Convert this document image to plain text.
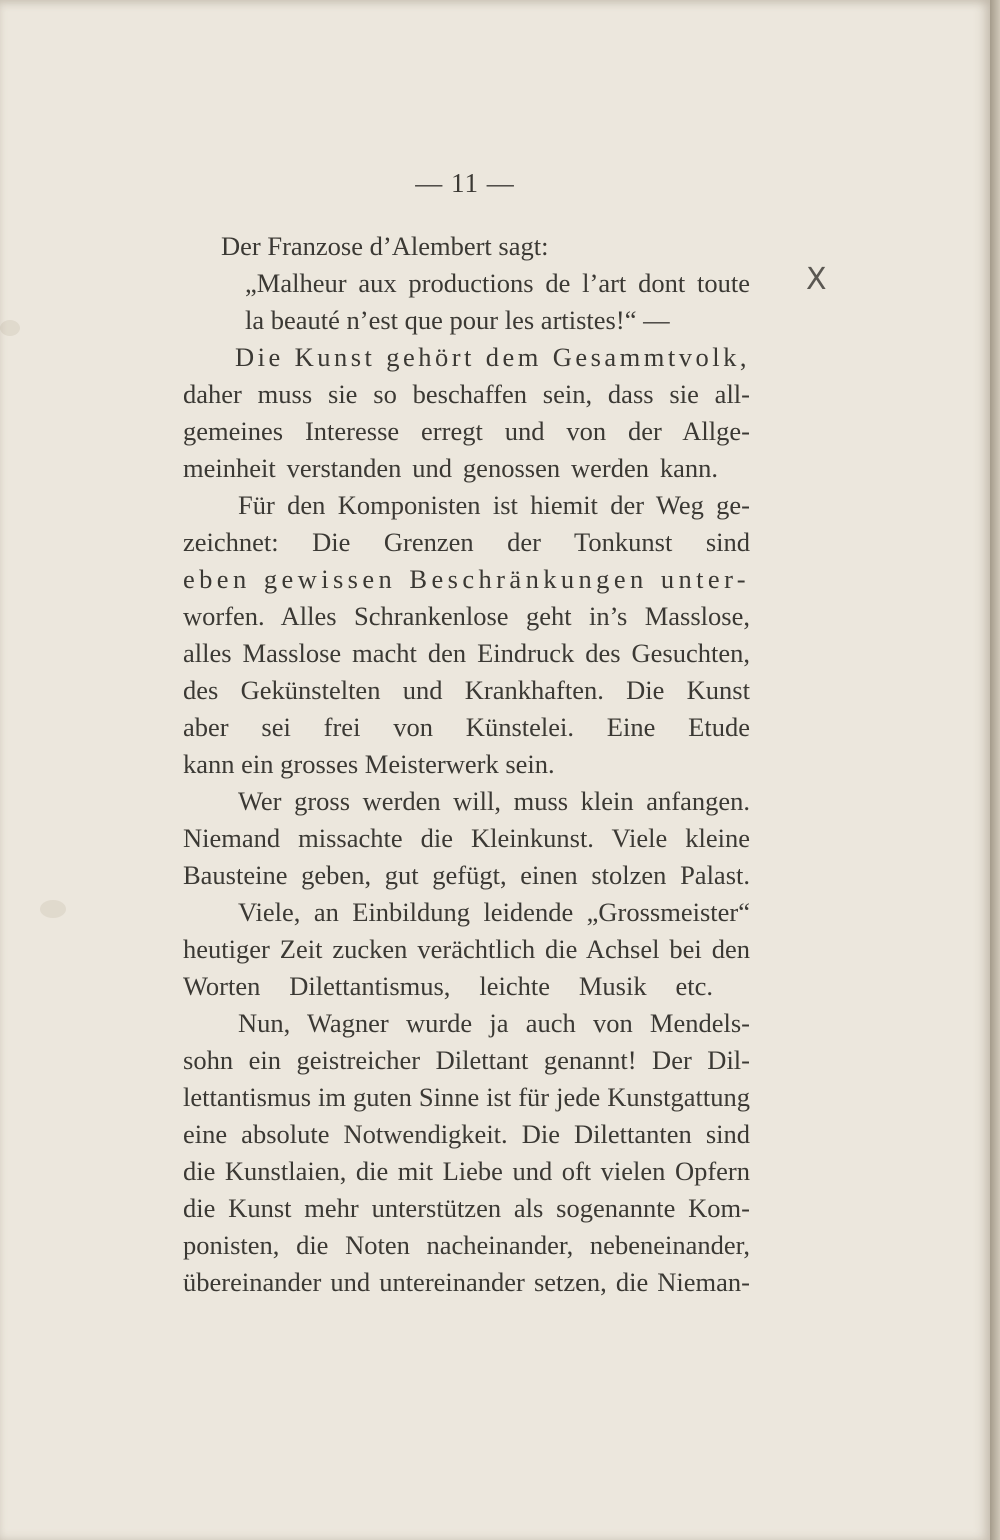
— 11 —
X
Der Franzose d’Alembert sagt:
„Malheur aux productions de l’art dont toute
la beauté n’est que pour les artistes!“ —
Die Kunst gehört dem Gesammtvolk,
daher muss sie so beschaffen sein, dass sie all-
gemeines Interesse erregt und von der Allge-
meinheit verstanden und genossen werden kann.
Für den Komponisten ist hiemit der Weg ge-
zeichnet: Die Grenzen der Tonkunst sind
eben gewissen Beschränkungen unter-
worfen. Alles Schrankenlose geht in’s Masslose,
alles Masslose macht den Eindruck des Gesuchten,
des Gekünstelten und Krankhaften. Die Kunst
aber sei frei von Künstelei. Eine Etude
kann ein grosses Meisterwerk sein.
Wer gross werden will, muss klein anfangen.
Niemand missachte die Kleinkunst. Viele kleine
Bausteine geben, gut gefügt, einen stolzen Palast.
Viele, an Einbildung leidende „Grossmeister“
heutiger Zeit zucken verächtlich die Achsel bei den
Worten Dilettantismus, leichte Musik etc.
Nun, Wagner wurde ja auch von Mendels-
sohn ein geistreicher Dilettant genannt! Der Dil-
lettantismus im guten Sinne ist für jede Kunstgattung
eine absolute Notwendigkeit. Die Dilettanten sind
die Kunstlaien, die mit Liebe und oft vielen Opfern
die Kunst mehr unterstützen als sogenannte Kom-
ponisten, die Noten nacheinander, nebeneinander,
übereinander und untereinander setzen, die Nieman-
